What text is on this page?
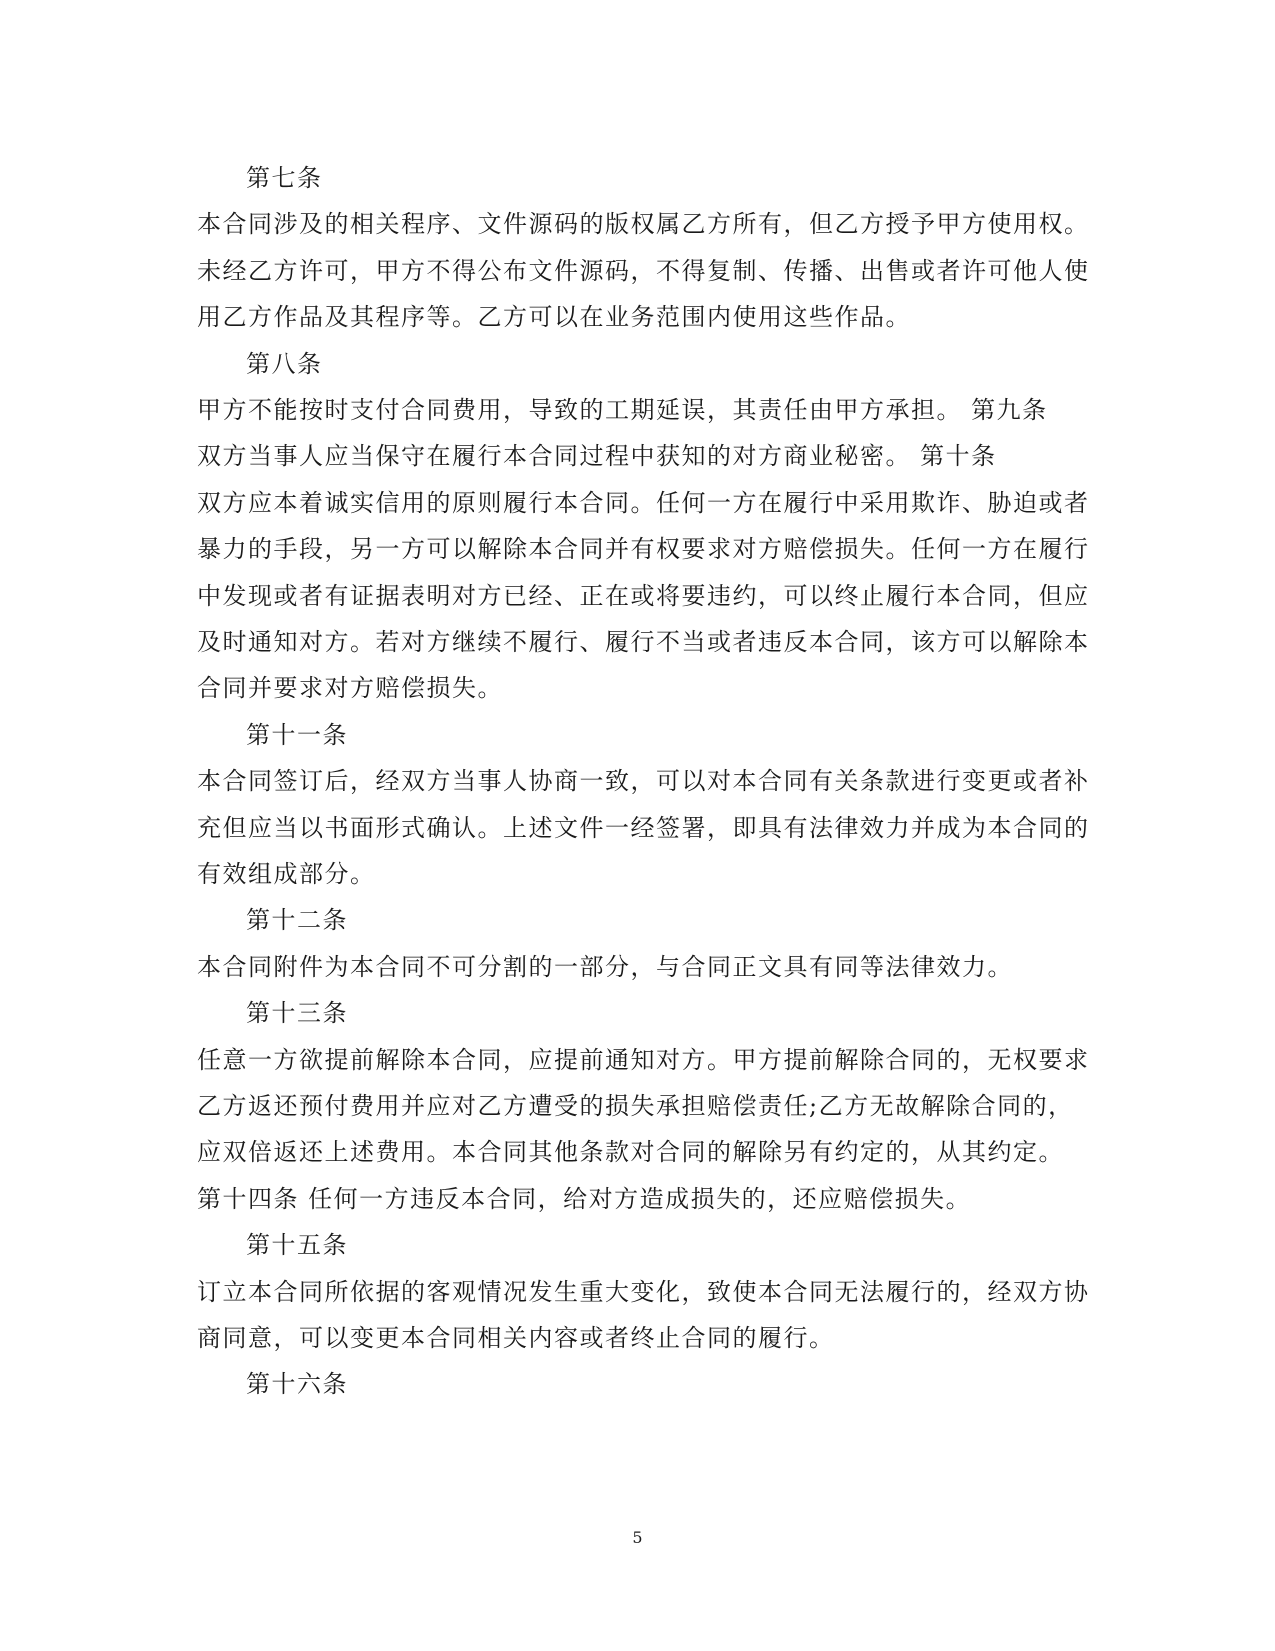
第七条
本合同涉及的相关程序、文件源码的版权属乙方所有，但乙方授予甲方使用权。
未经乙方许可，甲方不得公布文件源码，不得复制、传播、出售或者许可他人使
用乙方作品及其程序等。乙方可以在业务范围内使用这些作品。
第八条
甲方不能按时支付合同费用，导致的工期延误，其责任由甲方承担。 第九条
双方当事人应当保守在履行本合同过程中获知的对方商业秘密。 第十条
双方应本着诚实信用的原则履行本合同。任何一方在履行中采用欺诈、胁迫或者
暴力的手段，另一方可以解除本合同并有权要求对方赔偿损失。任何一方在履行
中发现或者有证据表明对方已经、正在或将要违约，可以终止履行本合同，但应
及时通知对方。若对方继续不履行、履行不当或者违反本合同，该方可以解除本
合同并要求对方赔偿损失。
第十一条
本合同签订后，经双方当事人协商一致，可以对本合同有关条款进行变更或者补
充但应当以书面形式确认。上述文件一经签署，即具有法律效力并成为本合同的
有效组成部分。
第十二条
本合同附件为本合同不可分割的一部分，与合同正文具有同等法律效力。
第十三条
任意一方欲提前解除本合同，应提前通知对方。甲方提前解除合同的，无权要求
乙方返还预付费用并应对乙方遭受的损失承担赔偿责任;乙方无故解除合同的，
应双倍返还上述费用。本合同其他条款对合同的解除另有约定的，从其约定。
第十四条 任何一方违反本合同，给对方造成损失的，还应赔偿损失。
第十五条
订立本合同所依据的客观情况发生重大变化，致使本合同无法履行的，经双方协
商同意，可以变更本合同相关内容或者终止合同的履行。
第十六条
5
